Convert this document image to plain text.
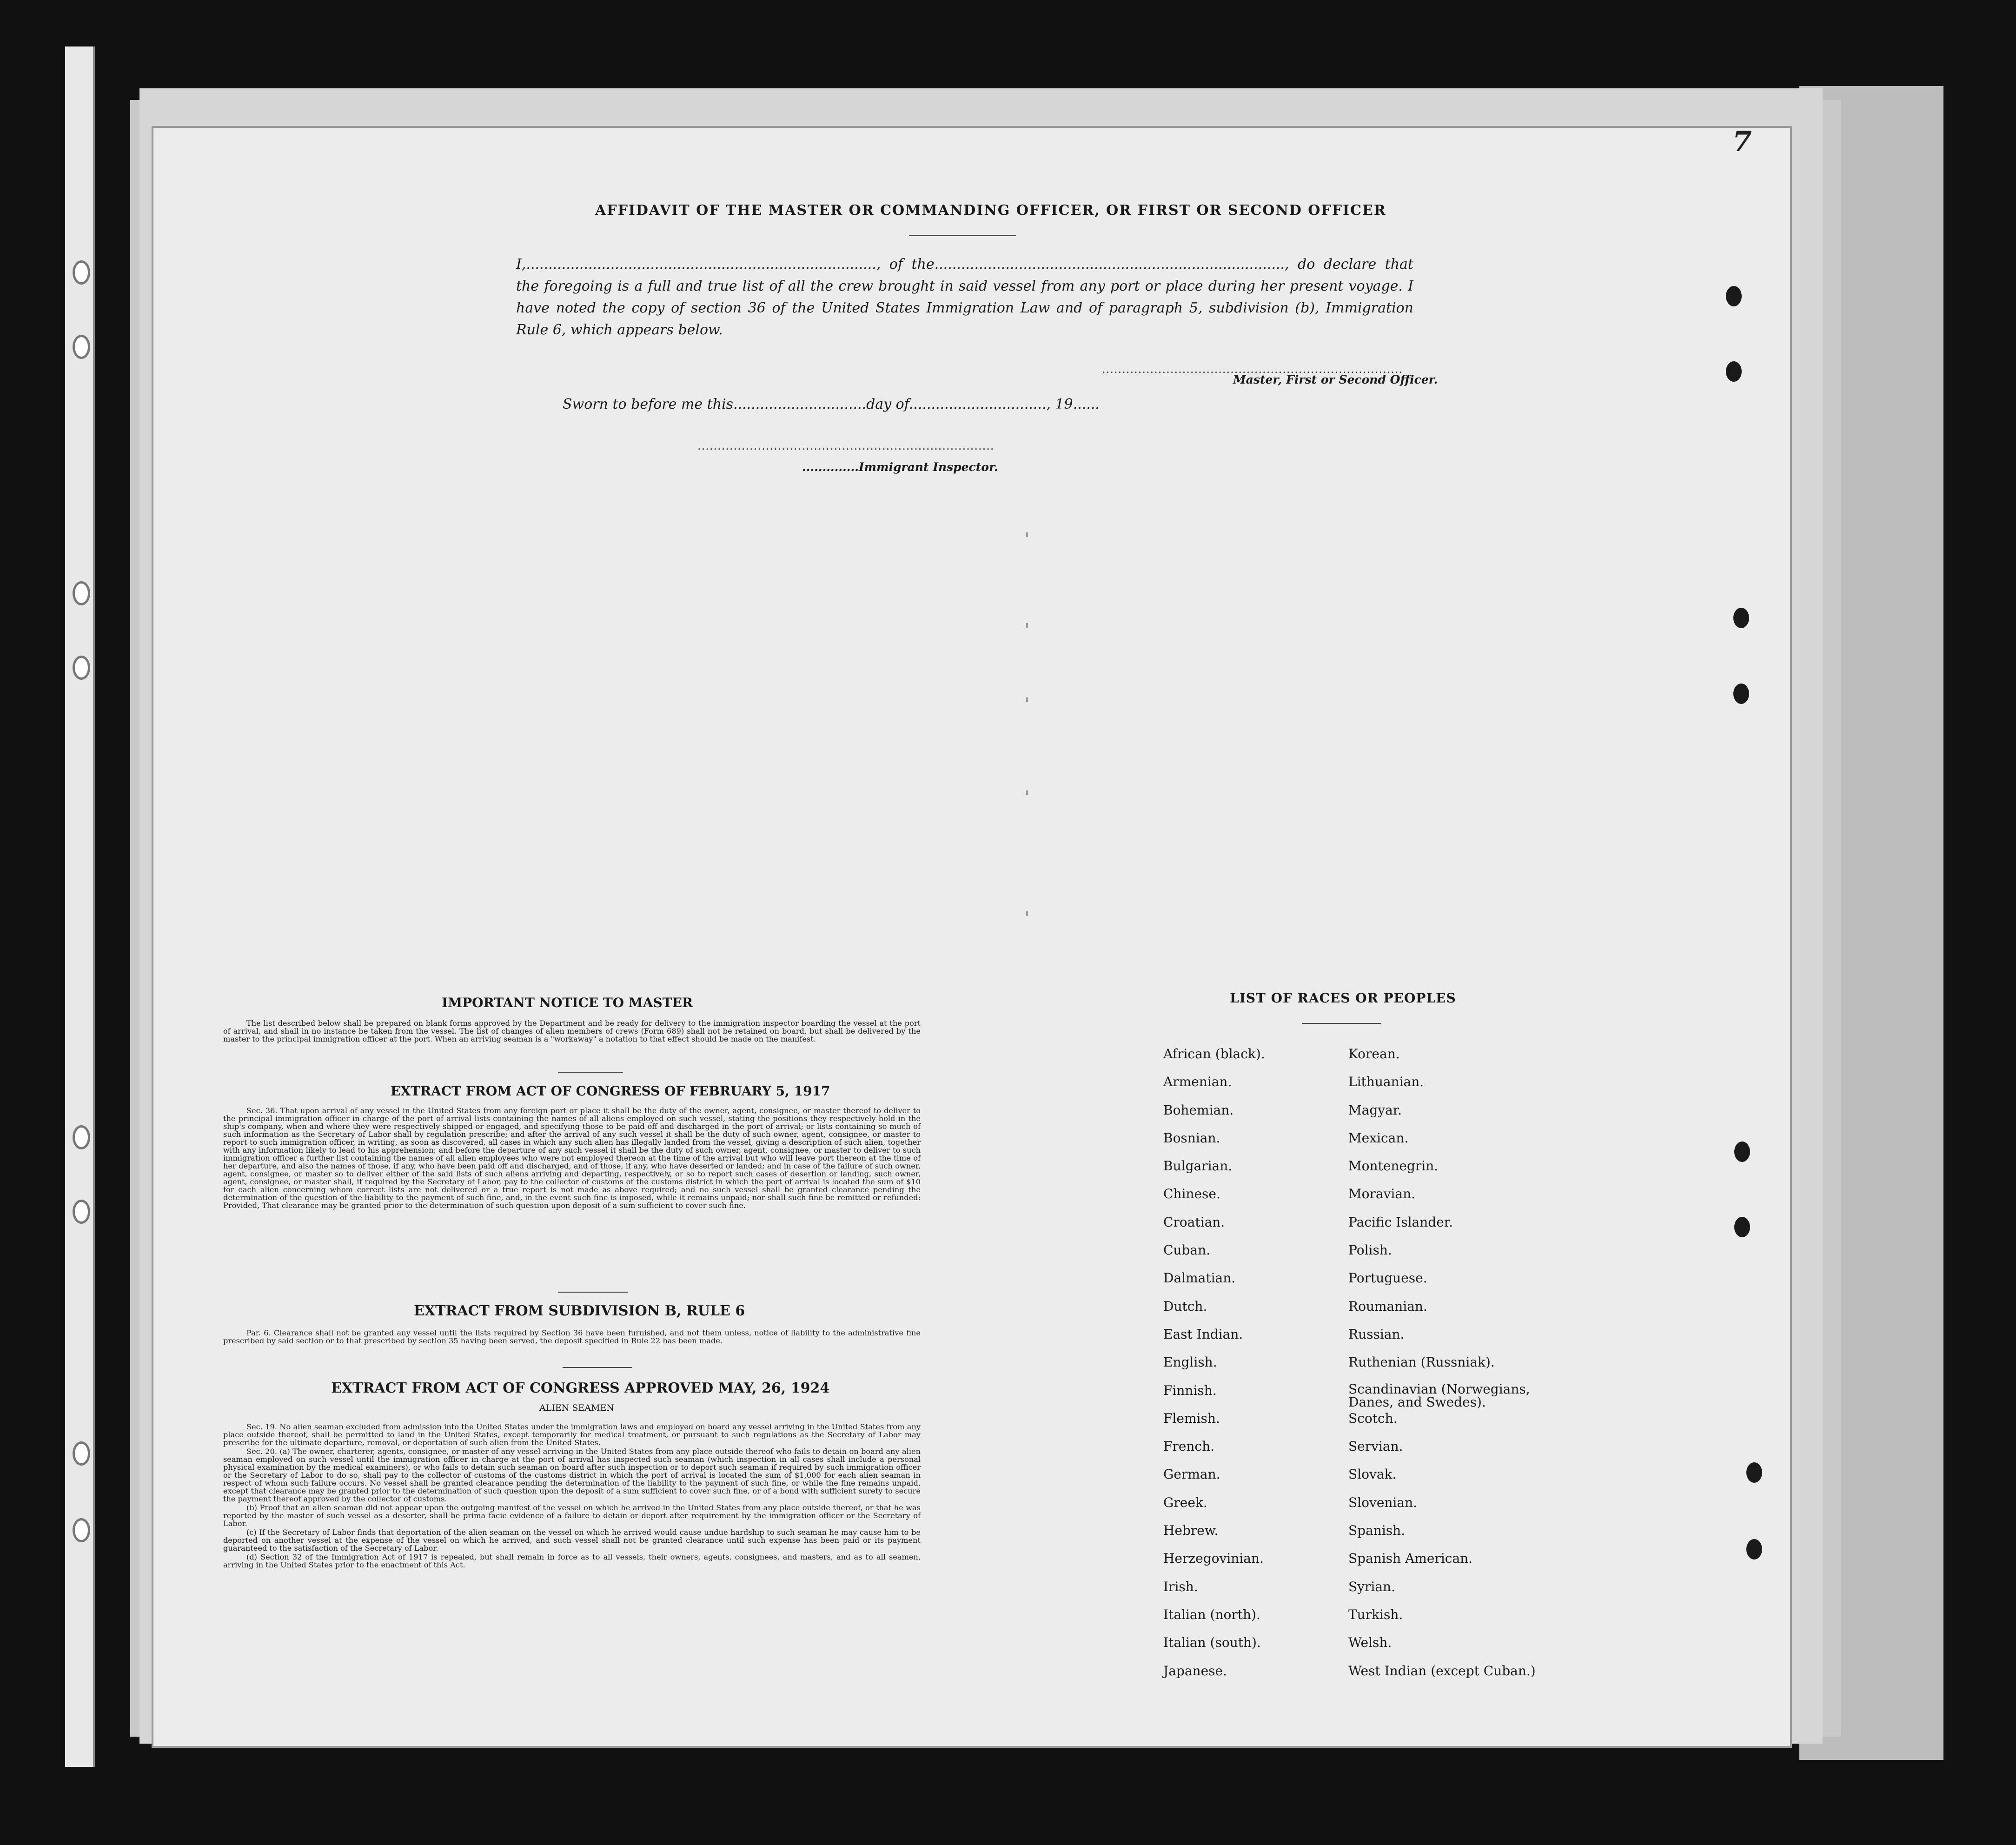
7
AFFIDAVIT OF THE MASTER OR COMMANDING OFFICER, OR FIRST OR SECOND OFFICER
I,..............................................................................., of the..............................................................................., do declare that the foregoing is a full and true list of all the crew brought in said vessel from any port or place during her present voyage. I have noted the copy of section 36 of the United States Immigration Law and of paragraph 5, subdivision (b), Immigration Rule 6, which appears below.
...........................................................................
Master, First or Second Officer.
Sworn to before me this..............................day of..............................., 19......
..........................................................................
..............Immigrant Inspector.
IMPORTANT NOTICE TO MASTER
The list described below shall be prepared on blank forms approved by the Department and be ready for delivery to the immigration inspector boarding the vessel at the port of arrival, and shall in no instance be taken from the vessel. The list of changes of alien members of crews (Form 689) shall not be retained on board, but shall be delivered by the master to the principal immigration officer at the port. When an arriving seaman is a "workaway" a notation to that effect should be made on the manifest.
EXTRACT FROM ACT OF CONGRESS OF FEBRUARY 5, 1917
Sec. 36. That upon arrival of any vessel in the United States from any foreign port or place it shall be the duty of the owner, agent, consignee, or master thereof to deliver to the principal immigration officer in charge of the port of arrival lists containing the names of all aliens employed on such vessel, stating the positions they respectively hold in the ship's company, when and where they were respectively shipped or engaged, and specifying those to be paid off and discharged in the port of arrival; or lists containing so much of such information as the Secretary of Labor shall by regulation prescribe; and after the arrival of any such vessel it shall be the duty of such owner, agent, consignee, or master to report to such immigration officer, in writing, as soon as discovered, all cases in which any such alien has illegally landed from the vessel, giving a description of such alien, together with any information likely to lead to his apprehension; and before the departure of any such vessel it shall be the duty of such owner, agent, consignee, or master to deliver to such immigration officer a further list containing the names of all alien employees who were not employed thereon at the time of the arrival but who will leave port thereon at the time of her departure, and also the names of those, if any, who have been paid off and discharged, and of those, if any, who have deserted or landed; and in case of the failure of such owner, agent, consignee, or master so to deliver either of the said lists of such aliens arriving and departing, respectively, or so to report such cases of desertion or landing, such owner, agent, consignee, or master shall, if required by the Secretary of Labor, pay to the collector of customs of the customs district in which the port of arrival is located the sum of $10 for each alien concerning whom correct lists are not delivered or a true report is not made as above required; and no such vessel shall be granted clearance pending the determination of the question of the liability to the payment of such fine, and, in the event such fine is imposed, while it remains unpaid; nor shall such fine be remitted or refunded: Provided, That clearance may be granted prior to the determination of such question upon deposit of a sum sufficient to cover such fine.
EXTRACT FROM SUBDIVISION B, RULE 6
Par. 6. Clearance shall not be granted any vessel until the lists required by Section 36 have been furnished, and not them unless, notice of liability to the administrative fine prescribed by said section or to that prescribed by section 35 having been served, the deposit specified in Rule 22 has been made.
EXTRACT FROM ACT OF CONGRESS APPROVED MAY, 26, 1924
ALIEN SEAMEN

Sec. 19. No alien seaman excluded from admission into the United States under the immigration laws and employed on board any vessel arriving in the United States from any place outside thereof, shall be permitted to land in the United States, except temporarily for medical treatment, or pursuant to such regulations as the Secretary of Labor may prescribe for the ultimate departure, removal, or deportation of such alien from the United States.

Sec. 20. (a) The owner, charterer, agents, consignee, or master of any vessel arriving in the United States from any place outside thereof who fails to detain on board any alien seaman employed on such vessel until the immigration officer in charge at the port of arrival has inspected such seaman (which inspection in all cases shall include a personal physical examination by the medical examiners), or who fails to detain such seaman on board after such inspection or to deport such seaman if required by such immigration officer or the Secretary of Labor to do so, shall pay to the collector of customs of the customs district in which the port of arrival is located the sum of $1,000 for each alien seaman in respect of whom such failure occurs. No vessel shall be granted clearance pending the determination of the liability to the payment of such fine, or while the fine remains unpaid, except that clearance may be granted prior to the determination of such question upon the deposit of a sum sufficient to cover such fine, or of a bond with sufficient surety to secure the payment thereof approved by the collector of customs.

(b) Proof that an alien seaman did not appear upon the outgoing manifest of the vessel on which he arrived in the United States from any place outside thereof, or that he was reported by the master of such vessel as a deserter, shall be prima facie evidence of a failure to detain or deport after requirement by the immigration officer or the Secretary of Labor.

(c) If the Secretary of Labor finds that deportation of the alien seaman on the vessel on which he arrived would cause undue hardship to such seaman he may cause him to be deported on another vessel at the expense of the vessel on which he arrived, and such vessel shall not be granted clearance until such expense has been paid or its payment guaranteed to the satisfaction of the Secretary of Labor.

(d) Section 32 of the Immigration Act of 1917 is repealed, but shall remain in force as to all vessels, their owners, agents, consignees, and masters, and as to all seamen, arriving in the United States prior to the enactment of this Act.

LIST OF RACES OR PEOPLES
African (black).
Armenian.
Bohemian.
Bosnian.
Bulgarian.
Chinese.
Croatian.
Cuban.
Dalmatian.
Dutch.
East Indian.
English.
Finnish.
Flemish.
French.
German.
Greek.
Hebrew.
Herzegovinian.
Irish.
Italian (north).
Italian (south).
Japanese.
Korean.
Lithuanian.
Magyar.
Mexican.
Montenegrin.
Moravian.
Pacific Islander.
Polish.
Portuguese.
Roumanian.
Russian.
Ruthenian (Russniak).
Scandinavian (Norwegians, Danes, and Swedes).
Scotch.
Servian.
Slovak.
Slovenian.
Spanish.
Spanish American.
Syrian.
Turkish.
Welsh.
West Indian (except Cuban.)
